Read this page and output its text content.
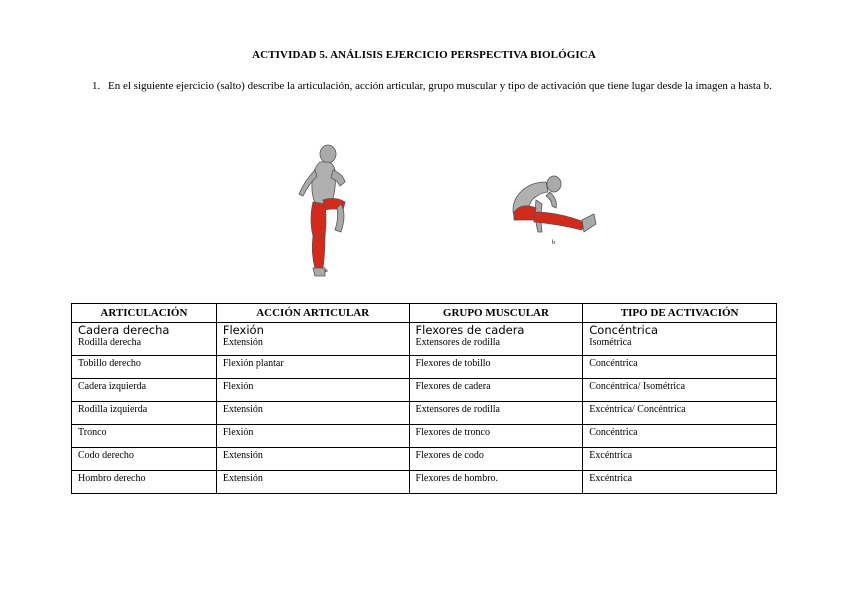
ACTIVIDAD 5. ANÁLISIS EJERCICIO PERSPECTIVA BIOLÓGICA
1. En el siguiente ejercicio (salto) describe la articulación, acción articular, grupo muscular y tipo de activación que tiene lugar desde la imagen a hasta b.
a
b
ARTICULACIÓN	ACCIÓN ARTICULAR	GRUPO MUSCULAR	TIPO DE ACTIVACIÓN
Cadera derecha	Flexión	Flexores de cadera	Concéntrica
Rodilla derecha	Extensión	Extensores de rodilla	Isométrica
Tobillo derecho	Flexión plantar	Flexores de tobillo	Concéntrica
Cadera izquierda	Flexión	Flexores de cadera	Concéntrica/ Isométrica
Rodilla izquierda	Extensión	Extensores de rodilla	Excéntrica/ Concéntrica
Tronco	Flexión	Flexores de tronco	Concéntrica
Codo derecho	Extensión	Flexores de codo	Excéntrica
Hombro derecho	Extensión	Flexores de hombro.	Excéntrica
